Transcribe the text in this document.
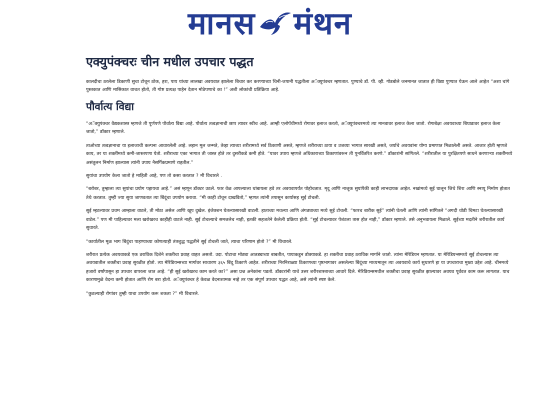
मानस मंथन
एक्युपंक्चरः चीन मधील उपचार पद्धत

कालदीचा ठरलेला डिकाणी सुचा टोचून ठोक, हरा, पाय यांच्या लालखा अवयवात झालेला बिचार कर करण्याच्या चिनी-जपानी पद्धतीला अॅक्युपंक्चर म्हणतात. पुण्याचे डॉ. पी. व्ही. गोडबोले जनमानत जातात ही विद्या पुण्यात येऊन आले आहेत “अशा चांगे पुस्तकात आणि मासिकात वाचत होतो, ती गोष्ट प्रत्यक्ष पाहेन देतान मोठेपणाचे का !” अशी लोकांची प्रतिक्रिया आहे.

पौर्वात्य विद्या

“अॅक्युपंक्चर वैद्यकशास्त्र म्हणजे ती पूर्णपणे पौर्वात्य विद्या आहे. पौर्वात्य तत्वज्ञानाची छाप त्यावर स्वीच आहे. आम्ही एलोपॅथीमध्ये रोगावर इलाज करतो, अॅक्युपंक्चरमध्ये त्या मानवावर इलाज केला जातो. रोगाबेक्षा अवयवाच्या बिघाडावर इलाज केला जातो,” डॉक्टर म्हणाले.

ताओच्या तत्वज्ञानाचा या इलाजाची कल्पना आधारलेली आहे. लहान मूल जन्मते, तेव्हा त्याच्या शरीरामध्ये सर्व ठिकाणी असते, म्हणजे शरीराच्या ठाया व उजव्या भागात सारखी असते, जर्याचे अवयवांना योग्य प्रमाणात मिळालेली असते. आजार होती म्हणजे काय, तर या शक्तींमध्ये कमी-जास्तपणा येतो. शरीराच्या एका भागात ती जास्त होते तर दुसरीकडे कमी होते. “यावर उपाय म्हणजे अधिकाराच्या ठिकाणांवरून ती पुनर्वितरित करणे.” डॉक्टरांनी सांगितले. “शरीरातील या पुरक्षितपणे साधने करणाऱ्या शक्तींमध्ये असंतुलन निर्माण झाल्यास त्यांनी उपाय नैसर्गिकप्रमाणे राहतील.”

सुयांचा उपयोग केला जातो हे माहिती आहे, पण तो कसा करतात ? मी विचारले .

“बरोबर, तुम्हाला त्या सुयांचा प्रयोग पहायचा आहे.” असं म्हणून डॉक्टर उठले. फार वेळ आपल्याला थांबायला हवे तर अवयवापर्यंत पोहोचतात. मृदू आणि नाजूक सुयांपैकी काही लाभदायक आहेत. नखांमध्ये सुई घालून जिथे शिरा आणि स्नायू निर्माण होतात तेथे करतात. तुम्ही ज्या सुया जाणवतात त्या बिंदूंचा उपयोग करावा. “मी काही टोचून दाखवितो,” म्हणत त्यांनी तपासून कार्यासह सुई टोचली.

सुई म्हटल्यावर प्रथम आम्हाला वाटले, ती मोठा असेल आणि खूप दुखेल. इंजेक्शन घेतल्यासारखी वाटली. हाताच्या मधल्या आणि अंगठ्याच्या मध्ये सुई टोचली. “फारच बारीक सुई” त्यांनी घेतली आणि त्यांनी सांगितले “अगदी थोडी चिमटा घेतल्यासारखी वाटेल.” पण मी पाहिल्यावर मला खरोखरच काहीही वाटले नाही. सुई टोचल्याचे समजलेच नाही, इतकी सहजतेने केलेली प्रक्रिया होती. “सुई टोचल्यावर पेशंटला त्रास होत नाही,” डॉक्टर म्हणाले. तसे अनुभवायला मिळाले. सुईच्या मदतीने शरीरातील कार्य सुधारते.

“कार्यातील मूळ भाग बिंदुंचा पाहण्याच्या कोणत्याही तंत्रशुद्ध पद्धतीने सुई टोचली जाते, त्याचा परिणाम होतो ?” मी विचारले.

शरीरात प्रत्येक अवयवाकडे एक ठराविक दिशेने शक्तीचा प्रवाह वाहत असतो. उदा. पोटाचा मोठ्या आतड्याच्या बाबतीत, पायाकडून डोक्याकडे. हा शक्तीचा प्रवाह ठराविक मार्गाने जातो. त्यांना मेरिडियन म्हणतात. या मेरिडियन्समध्ये सुई टोचल्यास त्या अवयवातील शक्तीचा प्रवाह सुरळीत होतो. त्या मेरिडियन्सच्या मार्गावर साधारण ३६५ बिंदू ठिकाणे आहेत. शरीराच्या निरनिराळ्या ठिकाणच्या पृष्ठभागावर असलेल्या बिंदूंच्या माध्यमातून त्या अवयवाचे कार्य सुधारणे हा या उपचाराचा मुख्य उद्देश आहे. चीनमध्ये हजारो वर्षांपासून हा उपचार वापरला जात आहे. “ही सुई खरोखरच काम करते का?” असा प्रश्न अनेकांना पडतो. डॉक्टरांनी याचे उत्तर शरीरशास्त्राच्या आधारे दिले. मेरिडियन्समधील शक्तीचा प्रवाह सुरळीत झाल्यावर अवयव पूर्ववत काम करू लागतात. याच कारणामुळे वेदना कमी होतात आणि रोग बरा होतो. अॅक्युपंक्चर हे केवळ वेदनाशामक नव्हे तर एक संपूर्ण उपचार पद्धत आहे, असे त्यांनी स्पष्ट केले.

“कुठल्याही रोगांवर तुम्ही याचा उपयोग करू शकता ?” मी विचारले.
